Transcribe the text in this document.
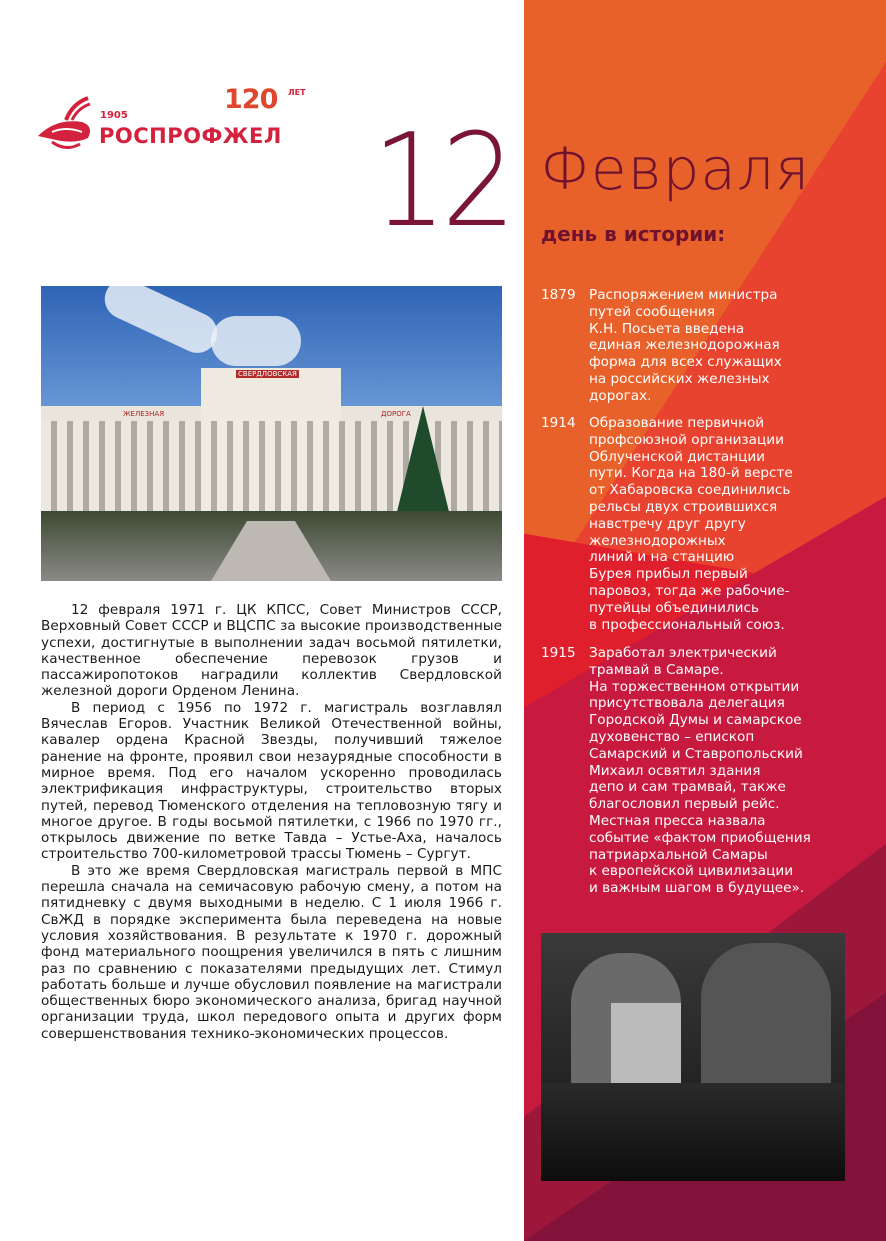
1905
РОСПРОФЖЕЛ
120 ЛЕТ
12 Февраля
день в истории:
СВЕРДЛОВСКАЯ
ЖЕЛЕЗНАЯ	ДОРОГА

12 февраля 1971 г. ЦК КПСС, Совет Министров СССР, Верховный Совет СССР и ВЦСПС за высокие производственные успехи, достигнутые в выполнении задач восьмой пятилетки, качественное обеспечение перевозок грузов и пассажиропотоков наградили коллектив Свердловской железной дороги Орденом Ленина.

В период с 1956 по 1972 г. магистраль возглавлял Вячеслав Егоров. Участник Великой Отечественной войны, кавалер ордена Красной Звезды, получивший тяжелое ранение на фронте, проявил свои незаурядные способности в мирное время. Под его началом ускоренно проводилась электрификация инфраструктуры, строительство вторых путей, перевод Тюменского отделения на тепловозную тягу и многое другое. В годы восьмой пятилетки, с 1966 по 1970 гг., открылось движение по ветке Тавда – Устье-Аха, началось строительство 700-километровой трассы Тюмень – Сургут.

В это же время Свердловская магистраль первой в МПС перешла сначала на семичасовую рабочую смену, а потом на пятидневку с двумя выходными в неделю. С 1 июля 1966 г. СвЖД в порядке эксперимента была переведена на новые условия хозяйствования. В результате к 1970 г. дорожный фонд материального поощрения увеличился в пять с лишним раз по сравнению с показателями предыдущих лет. Стимул работать больше и лучше обусловил появление на магистрали общественных бюро экономического анализа, бригад научной организации труда, школ передового опыта и других форм совершенствования технико-экономических процессов.

1879 Распоряжением министра
путей сообщения
К.Н. Посьета введена
единая железнодорожная
форма для всех служащих
на российских железных
дорогах.
1914 Образование первичной
профсоюзной организации
Облученской дистанции
пути. Когда на 180-й версте
от Хабаровска соединились
рельсы двух строившихся
навстречу друг другу
железнодорожных
линий и на станцию
Бурея прибыл первый
паровоз, тогда же рабочие-
путейцы объединились
в профессиональный союз.
1915 Заработал электрический
трамвай в Самаре.
На торжественном открытии
присутствовала делегация
Городской Думы и самарское
духовенство – епископ
Самарский и Ставропольский
Михаил освятил здания
депо и сам трамвай, также
благословил первый рейс.
Местная пресса назвала
событие «фактом приобщения
патриархальной Самары
к европейской цивилизации
и важным шагом в будущее».
